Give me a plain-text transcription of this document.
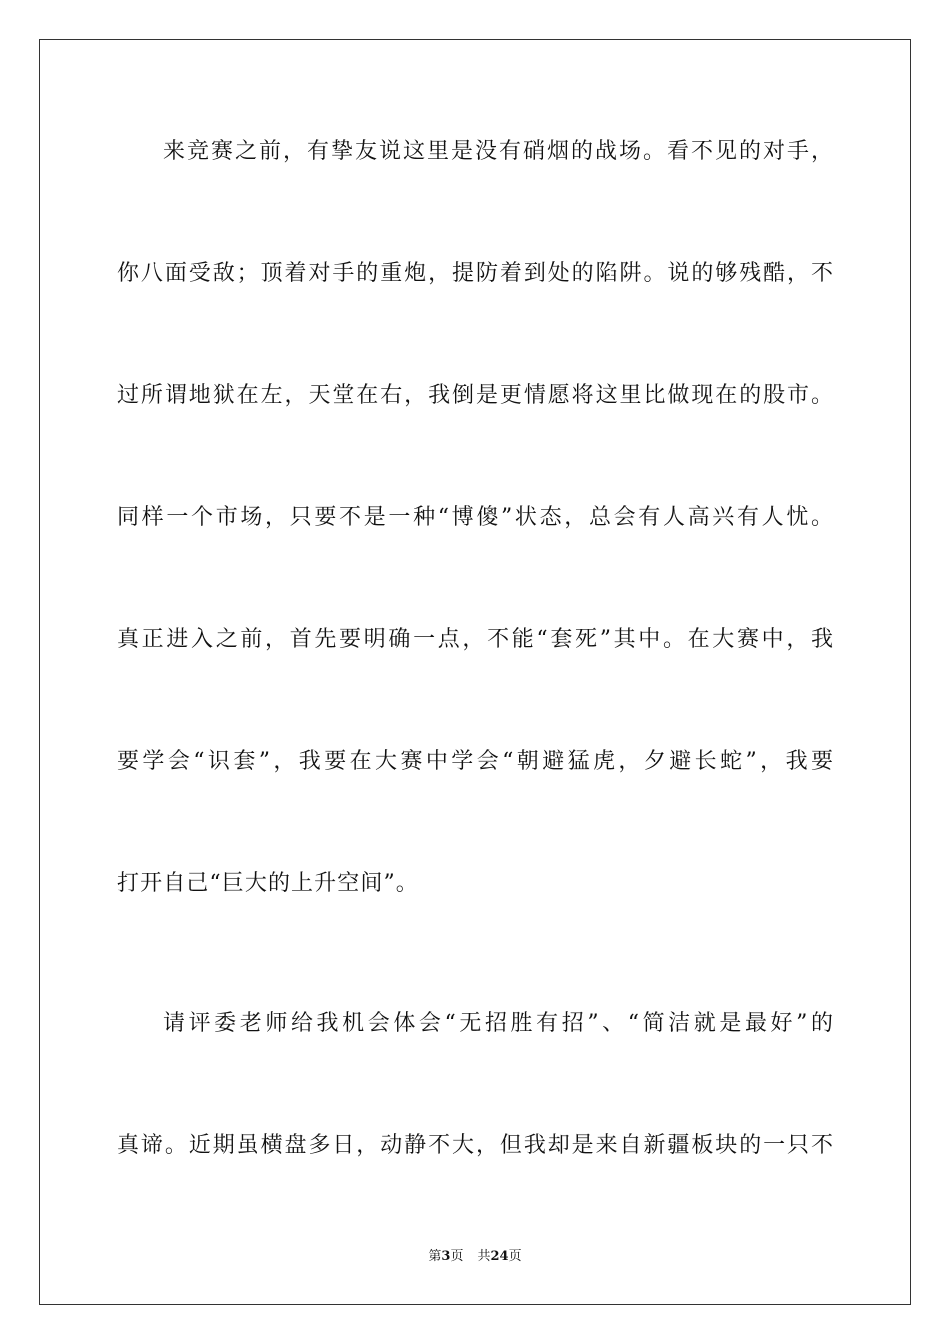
来竞赛之前，有挚友说这里是没有硝烟的战场。看不见的对手，
你八面受敌；顶着对手的重炮，提防着到处的陷阱。说的够残酷，不
过所谓地狱在左，天堂在右，我倒是更情愿将这里比做现在的股市。
同样一个市场，只要不是一种“博傻”状态，总会有人高兴有人忧。
真正进入之前，首先要明确一点，不能“套死”其中。在大赛中，我
要学会“识套”，我要在大赛中学会“朝避猛虎，夕避长蛇”，我要
打开自己“巨大的上升空间”。
请评委老师给我机会体会“无招胜有招”、“简洁就是最好”的
真谛。近期虽横盘多日，动静不大，但我却是来自新疆板块的一只不
第3页 共24页
